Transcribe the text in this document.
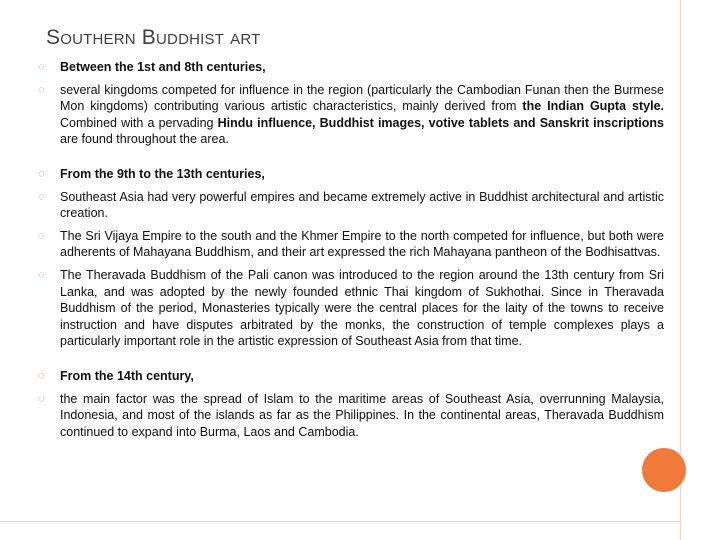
Southern Buddhist art
◌	Between the 1st and 8th centuries,
◌	several kingdoms competed for influence in the region (particularly the Cambodian Funan then the Burmese Mon kingdoms) contributing various artistic characteristics, mainly derived from the Indian Gupta style. Combined with a pervading Hindu influence, Buddhist images, votive tablets and Sanskrit inscriptions are found throughout the area.
◌	From the 9th to the 13th centuries,
◌	Southeast Asia had very powerful empires and became extremely active in Buddhist architectural and artistic creation.
◌	The Sri Vijaya Empire to the south and the Khmer Empire to the north competed for influence, but both were adherents of Mahayana Buddhism, and their art expressed the rich Mahayana pantheon of the Bodhisattvas.
◌	The Theravada Buddhism of the Pali canon was introduced to the region around the 13th century from Sri Lanka, and was adopted by the newly founded ethnic Thai kingdom of Sukhothai. Since in Theravada Buddhism of the period, Monasteries typically were the central places for the laity of the towns to receive instruction and have disputes arbitrated by the monks, the construction of temple complexes plays a particularly important role in the artistic expression of Southeast Asia from that time.
◌	From the 14th century,
◌	the main factor was the spread of Islam to the maritime areas of Southeast Asia, overrunning Malaysia, Indonesia, and most of the islands as far as the Philippines. In the continental areas, Theravada Buddhism continued to expand into Burma, Laos and Cambodia.
